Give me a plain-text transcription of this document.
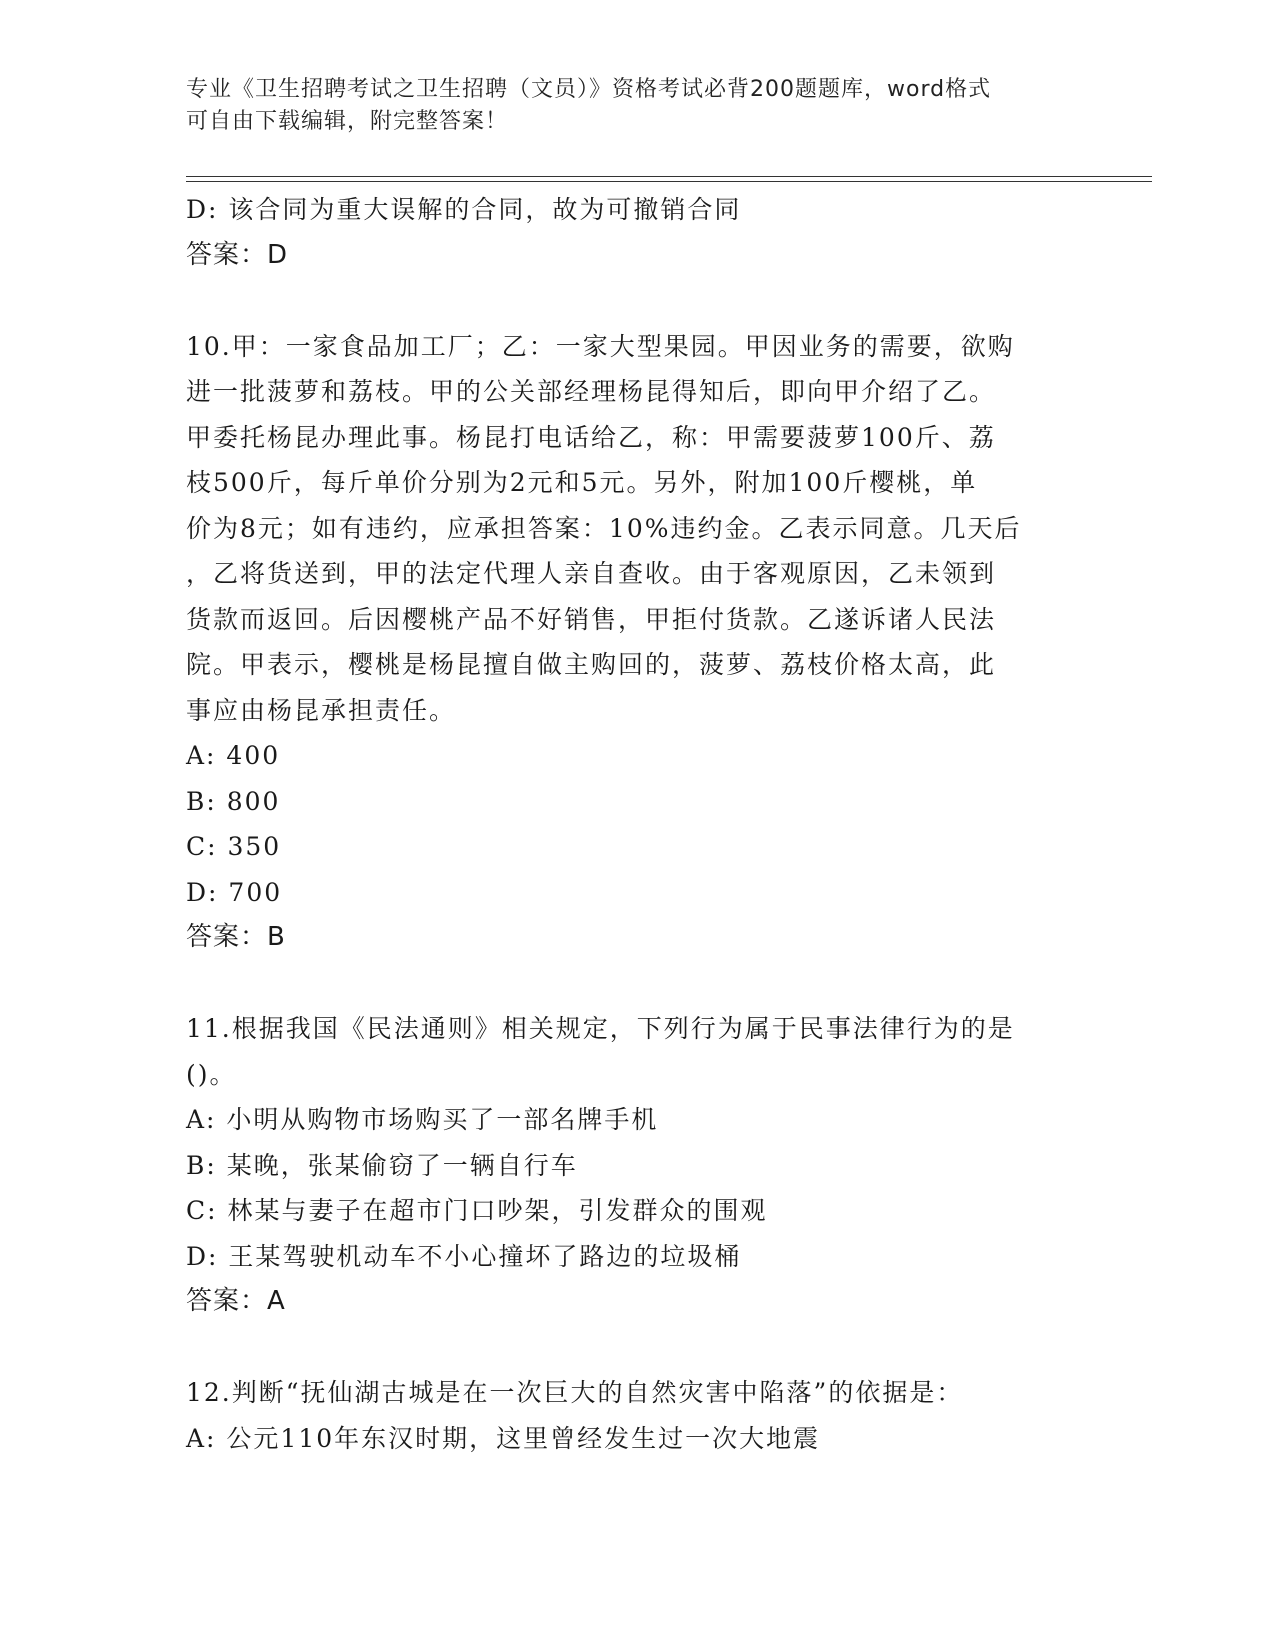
专业《卫生招聘考试之卫生招聘（文员）》资格考试必背200题题库，word格式
可自由下载编辑，附完整答案！
D: 该合同为重大误解的合同，故为可撤销合同
答案：D
10.甲：一家食品加工厂；乙：一家大型果园。甲因业务的需要，欲购
进一批菠萝和荔枝。甲的公关部经理杨昆得知后，即向甲介绍了乙。
甲委托杨昆办理此事。杨昆打电话给乙，称：甲需要菠萝100斤、荔
枝500斤，每斤单价分别为2元和5元。另外，附加100斤樱桃，单
价为8元；如有违约，应承担答案：10%违约金。乙表示同意。几天后
，乙将货送到，甲的法定代理人亲自查收。由于客观原因，乙未领到
货款而返回。后因樱桃产品不好销售，甲拒付货款。乙遂诉诸人民法
院。甲表示，樱桃是杨昆擅自做主购回的，菠萝、荔枝价格太高，此
事应由杨昆承担责任。
A: 400
B: 800
C: 350
D: 700
答案：B
11.根据我国《民法通则》相关规定，下列行为属于民事法律行为的是
()。
A: 小明从购物市场购买了一部名牌手机
B: 某晚，张某偷窃了一辆自行车
C: 林某与妻子在超市门口吵架，引发群众的围观
D: 王某驾驶机动车不小心撞坏了路边的垃圾桶
答案：A
12.判断“抚仙湖古城是在一次巨大的自然灾害中陷落”的依据是：
A: 公元110年东汉时期，这里曾经发生过一次大地震
